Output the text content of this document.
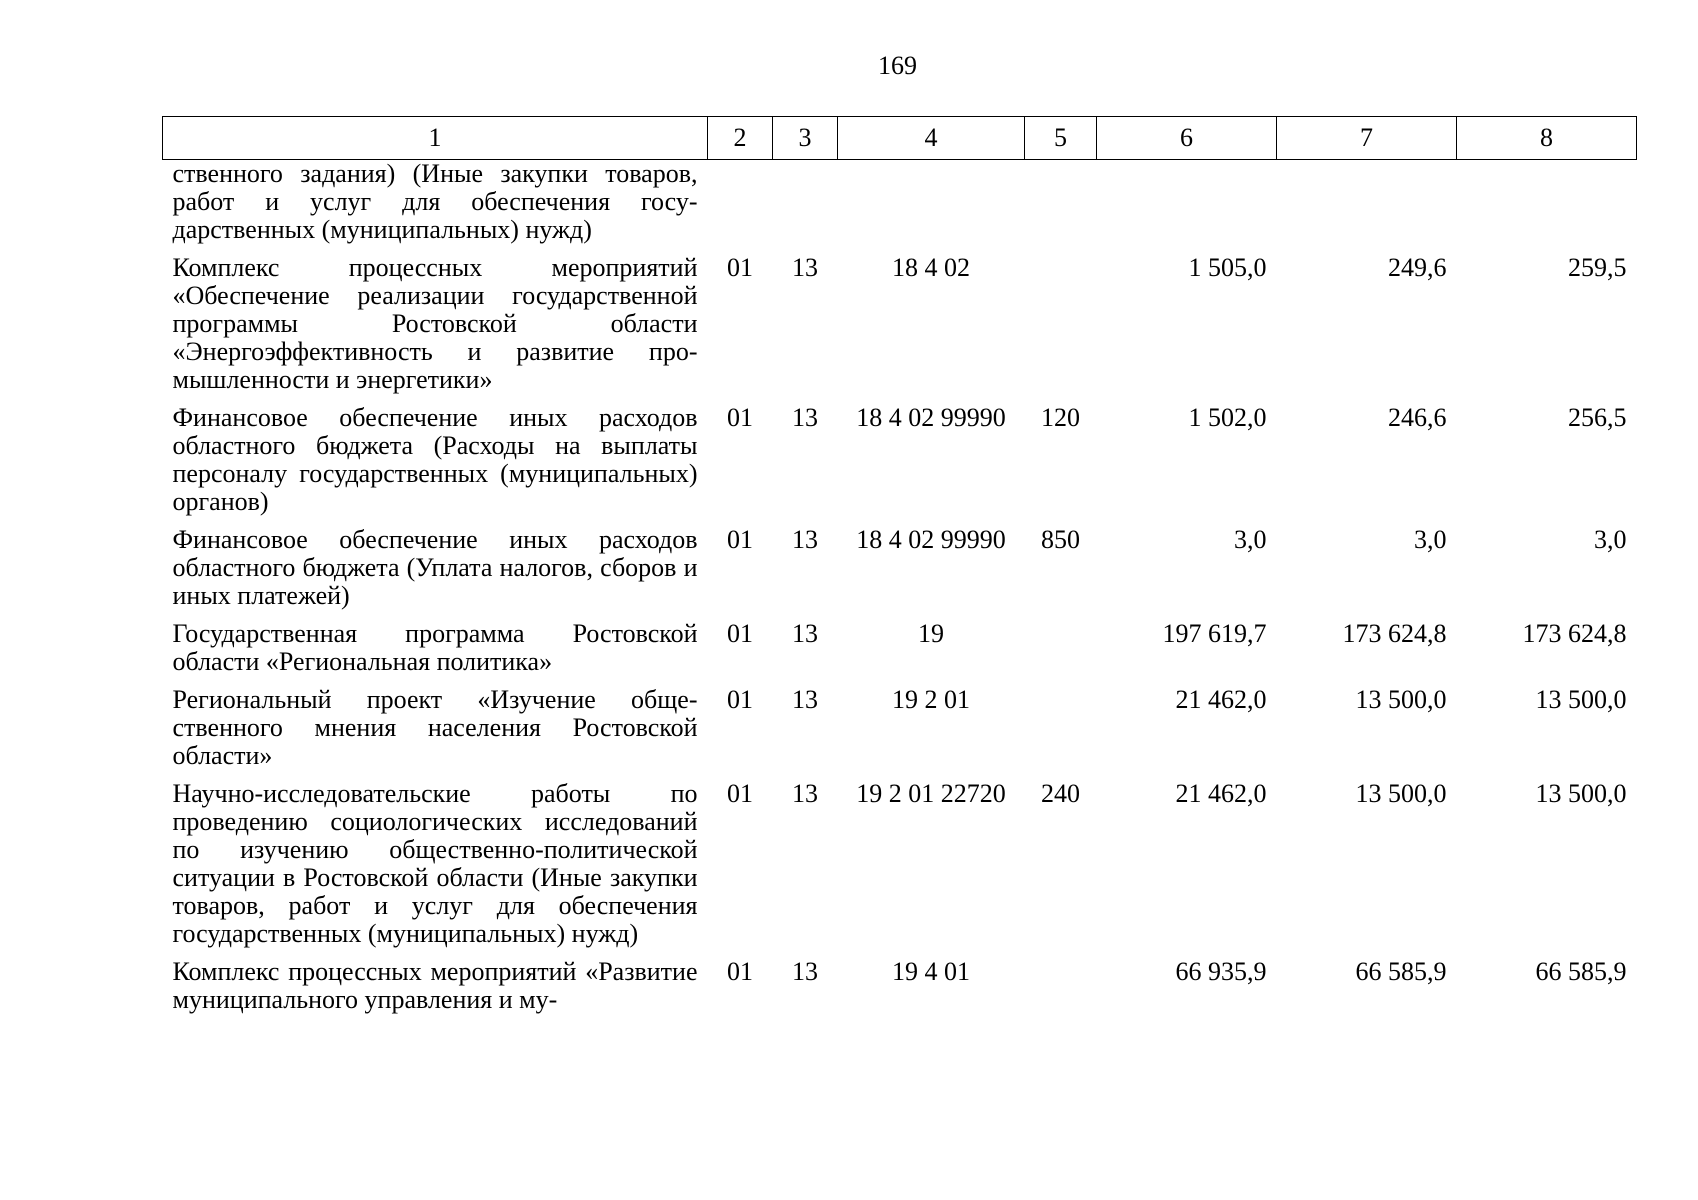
169
1	2	3	4	5	6	7	8
ственного задания) (Иные закупки товаров, работ и услуг для обеспечения государственных (муниципальных) нужд)							
Комплекс процессных мероприятий «Обеспечение реализации государственной программы Ростовской области «Энергоэффективность и развитие промышленности и энергетики»	01	13	18 4 02		1 505,0	249,6	259,5
Финансовое обеспечение иных расходов областного бюджета (Расходы на выплаты персоналу государственных (муниципальных) органов)	01	13	18 4 02 99990	120	1 502,0	246,6	256,5
Финансовое обеспечение иных расходов областного бюджета (Уплата налогов, сборов и иных платежей)	01	13	18 4 02 99990	850	3,0	3,0	3,0
Государственная программа Ростовской области «Региональная политика»	01	13	19		197 619,7	173 624,8	173 624,8
Региональный проект «Изучение общественного мнения населения Ростовской области»	01	13	19 2 01		21 462,0	13 500,0	13 500,0
Научно-исследовательские работы по проведению социологических исследований по изучению общественно-политической ситуации в Ростовской области (Иные закупки товаров, работ и услуг для обеспечения государственных (муниципальных) нужд)	01	13	19 2 01 22720	240	21 462,0	13 500,0	13 500,0
Комплекс процессных мероприятий «Развитие муниципального управления и му-	01	13	19 4 01		66 935,9	66 585,9	66 585,9
